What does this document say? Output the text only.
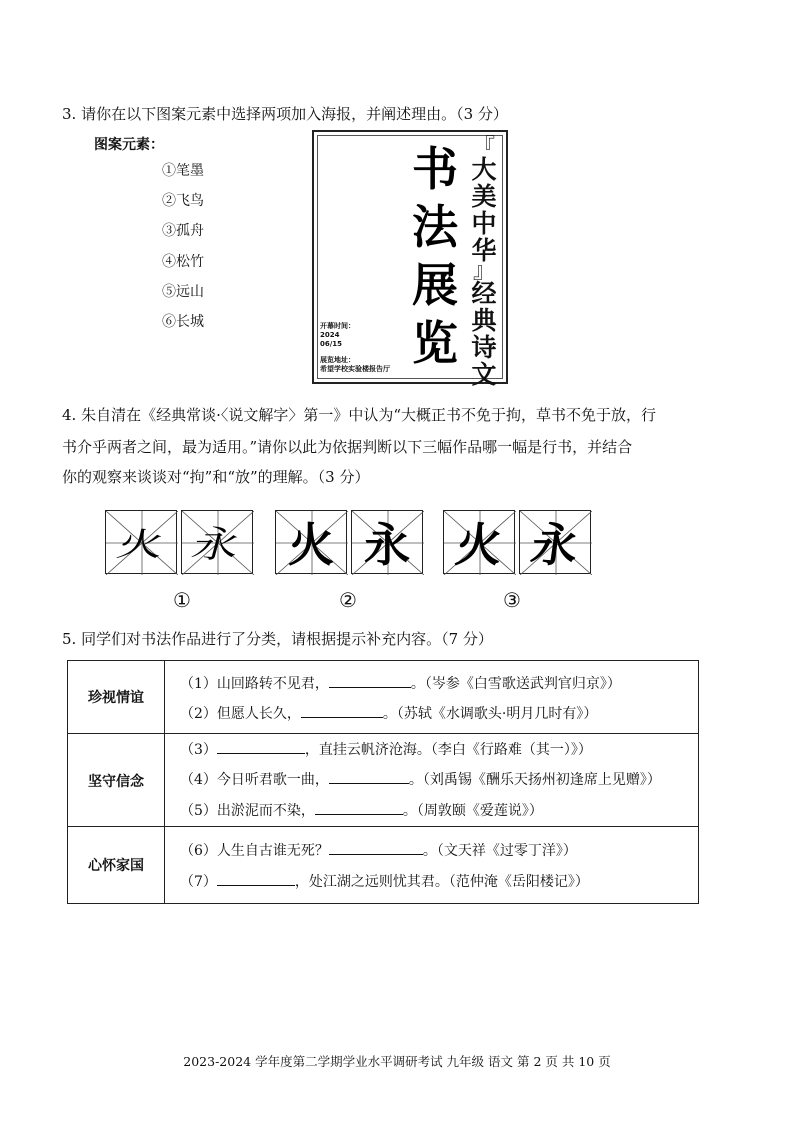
3. 请你在以下图案元素中选择两项加入海报，并阐述理由。（3 分）
图案元素：
①笔墨
②飞鸟
③孤舟
④松竹
⑤远山
⑥长城
书
法
展
览
『
大
美
中
华
』
经
典
诗
文
开幕时间：
2024
06/15
展览地址：
希望学校实验楼报告厅
4. 朱自清在《经典常谈·〈说文解字〉第一》中认为“大概正书不免于拘，草书不免于放，行
书介乎两者之间，最为适用。”请你以此为依据判断以下三幅作品哪一幅是行书，并结合
你的观察来谈谈对“拘”和“放”的理解。（3 分）
火 永 火 永 火 永
①	②	③
5. 同学们对书法作品进行了分类，请根据提示补充内容。（7 分）
珍视情谊
（1）山回路转不见君，	。（岑参《白雪歌送武判官归京》）
（2）但愿人长久，	。（苏轼《水调歌头·明月几时有》）
坚守信念
（3）	，直挂云帆济沧海。（李白《行路难（其一）》）
（4）今日听君歌一曲，	。（刘禹锡《酬乐天扬州初逢席上见赠》）
（5）出淤泥而不染，	。（周敦颐《爱莲说》）
心怀家国
（6）人生自古谁无死？	。（文天祥《过零丁洋》）
（7）	，处江湖之远则忧其君。（范仲淹《岳阳楼记》）
2023-2024 学年度第二学期学业水平调研考试 九年级 语文 第 2 页 共 10 页
